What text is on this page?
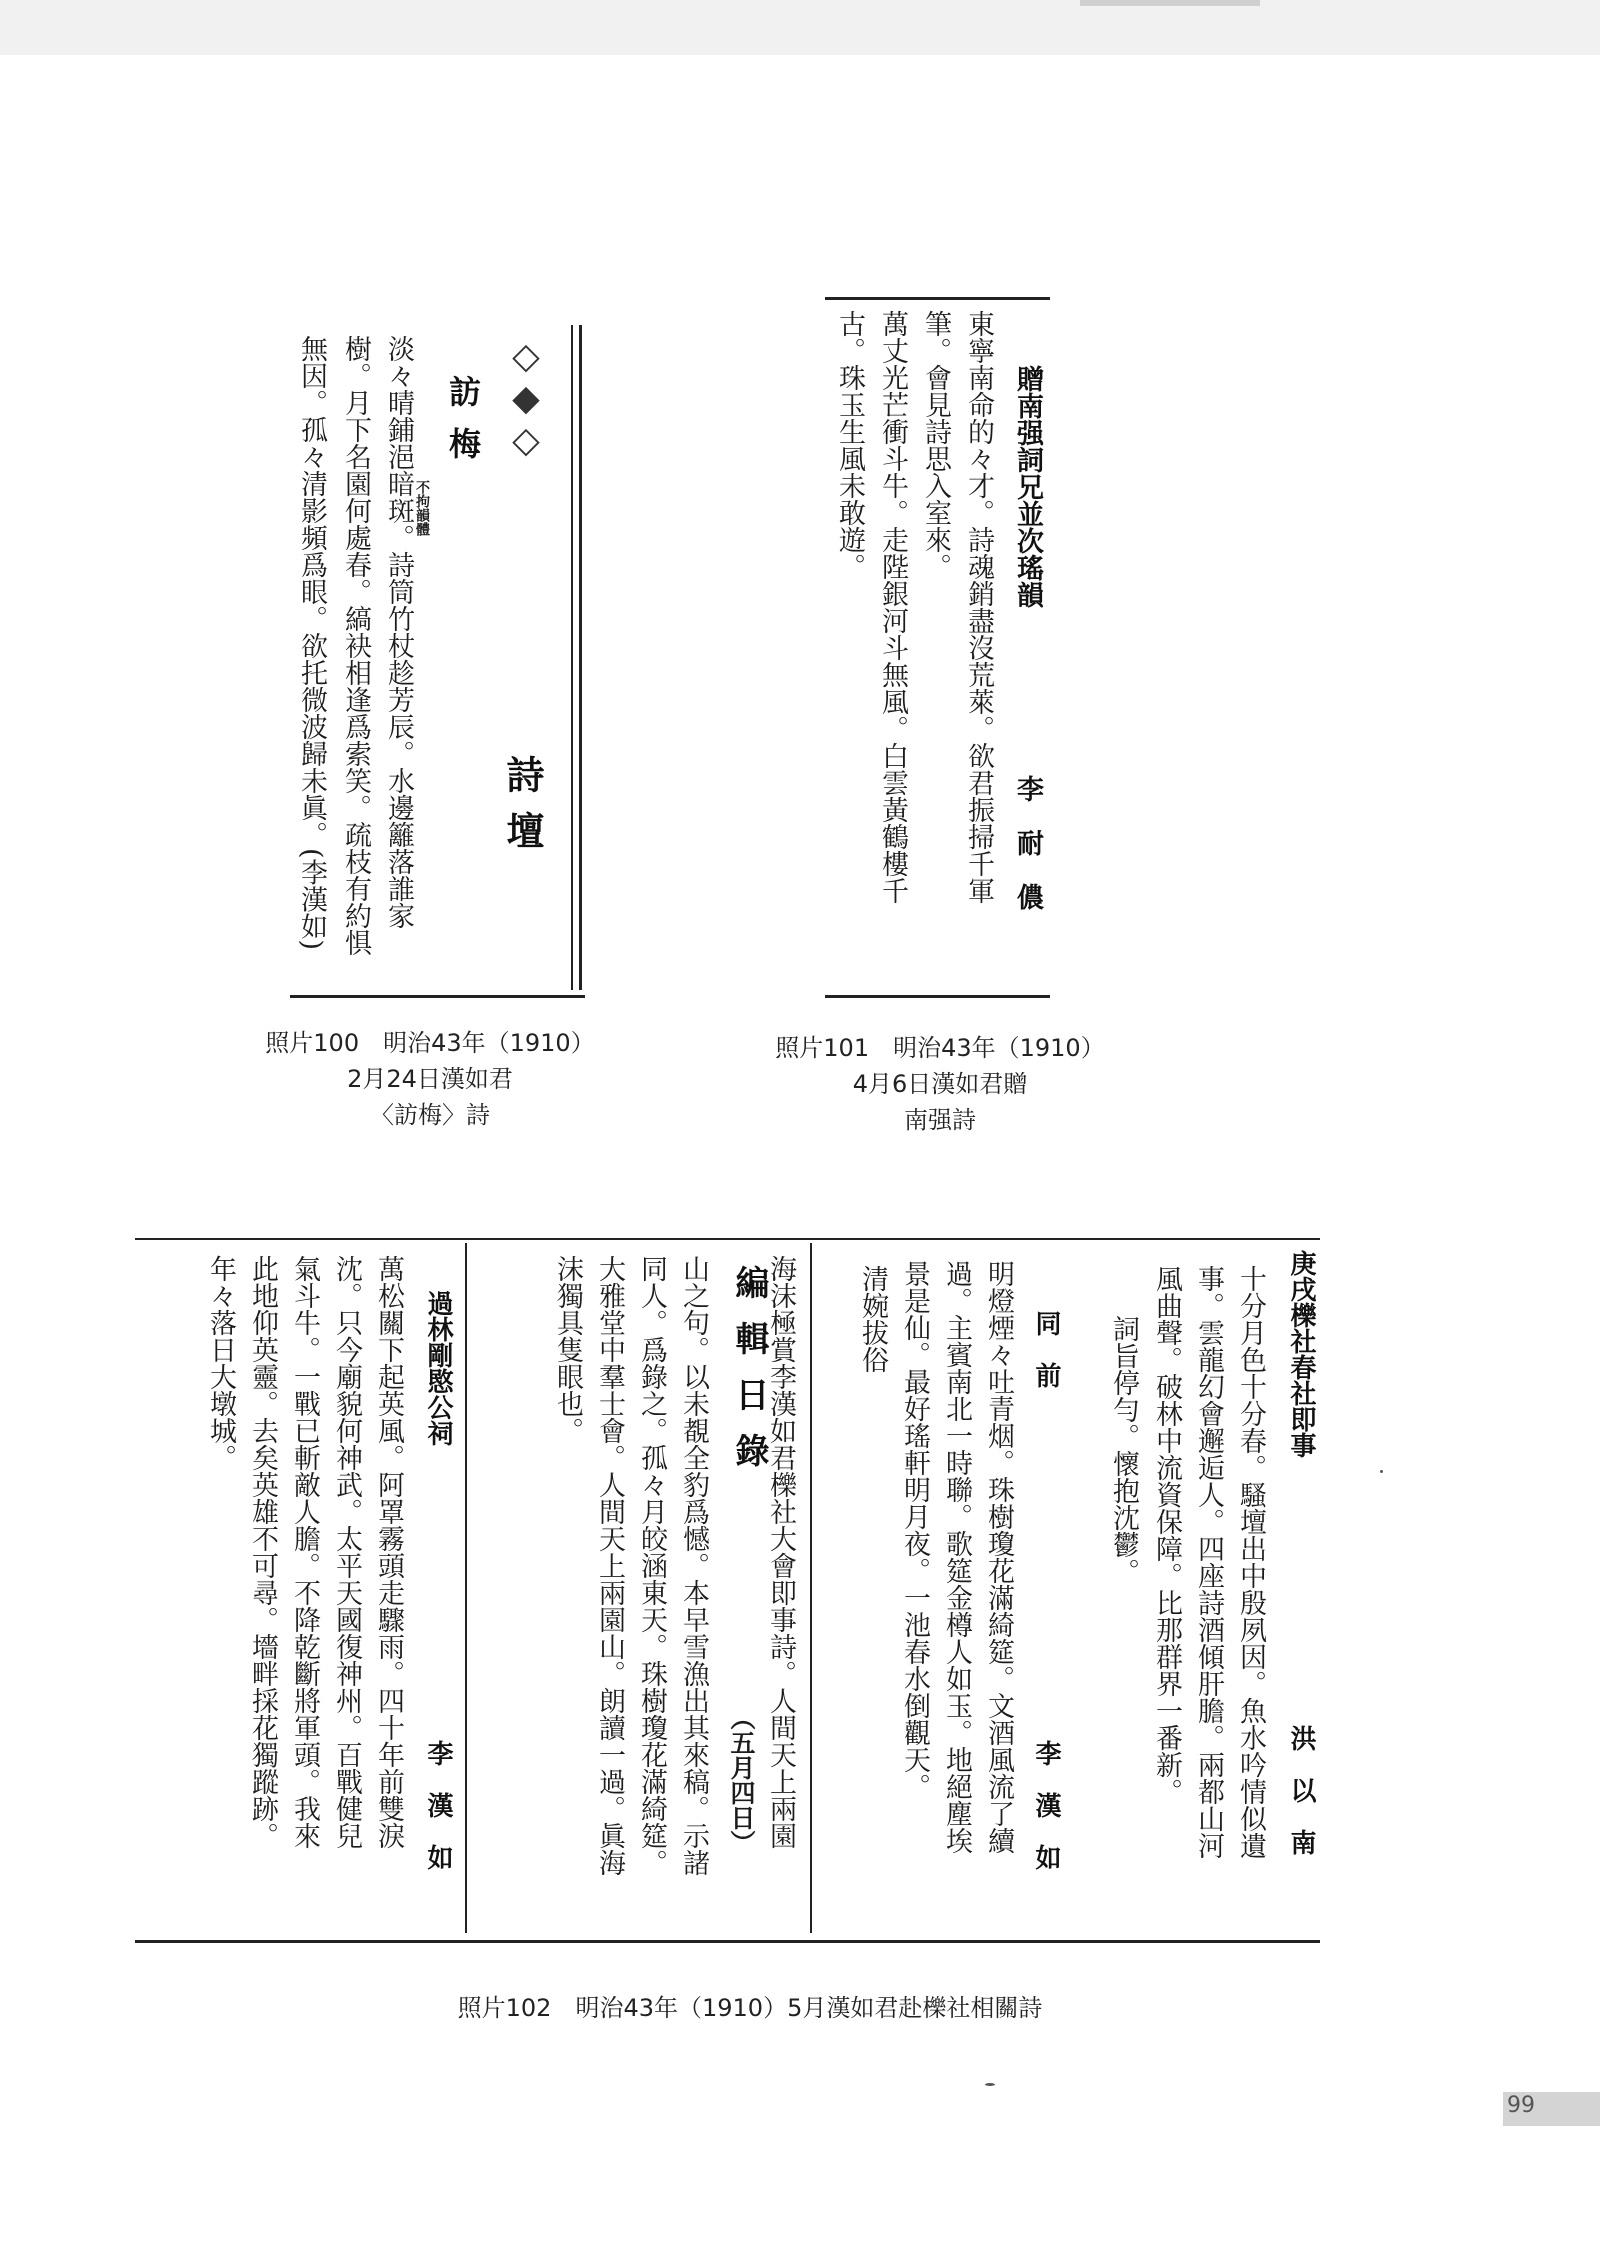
詩壇
◇◆◇
訪梅
不拘韻體
淡々晴鋪浥暗斑。詩筒竹杖趁芳辰。水邊籬落誰家
樹。月下名園何處春。縞袂相逢爲索笑。疏枝有約惧
無因。孤々清影頻爲眼。欲托微波歸未眞。(李漢如)
照片100　明治43年（1910）
2月24日漢如君
〈訪梅〉詩
贈南强詞兄並次瑤韻
李　耐　儂
東寧南命的々才。詩魂銷盡沒荒萊。欲君振掃千軍
筆。會見詩思入室來。
萬丈光芒衝斗牛。走陛銀河斗無風。白雲黃鶴樓千
古。珠玉生風未敢遊。
照片101　明治43年（1910）
4月6日漢如君贈
南强詩
庚戌櫟社春社即事
洪　以　南
十分月色十分春。騷壇出中殷夙因。魚水吟情似遺
事。雲龍幻會邂逅人。四座詩酒傾肝膽。兩都山河
風曲聲。破林中流資保障。比那群界一番新。
詞旨停勻。懷抱沈鬱。
同　前
李　漢　如
明燈煙々吐青烟。珠樹瓊花滿綺筵。文酒風流了續
過。主賓南北一時聯。歌筵金樽人如玉。地絕塵埃
景是仙。最好瑤軒明月夜。一池春水倒觀天。
清婉拔俗
海沫極賞李漢如君櫟社大會即事詩。人間天上兩園
編輯日錄
（五月四日）
山之句。以未覩全豹爲憾。本早雪漁出其來稿。示諸
同人。爲錄之。孤々月皎涵東天。珠樹瓊花滿綺筵。
大雅堂中羣士會。人間天上兩園山。朗讀一過。眞海
沫獨具隻眼也。
過林剛愍公祠
李　漢　如
萬松關下起英風。阿罩霧頭走驟雨。四十年前雙淚
沈。只今廟貌何神武。太平天國復神州。百戰健兒
氣斗牛。一戰已斬敵人膽。不降乾斷將軍頭。我來
此地仰英靈。去矣英雄不可尋。墻畔採花獨蹤跡。
年々落日大墩城。
照片102　明治43年（1910）5月漢如君赴櫟社相關詩
99
